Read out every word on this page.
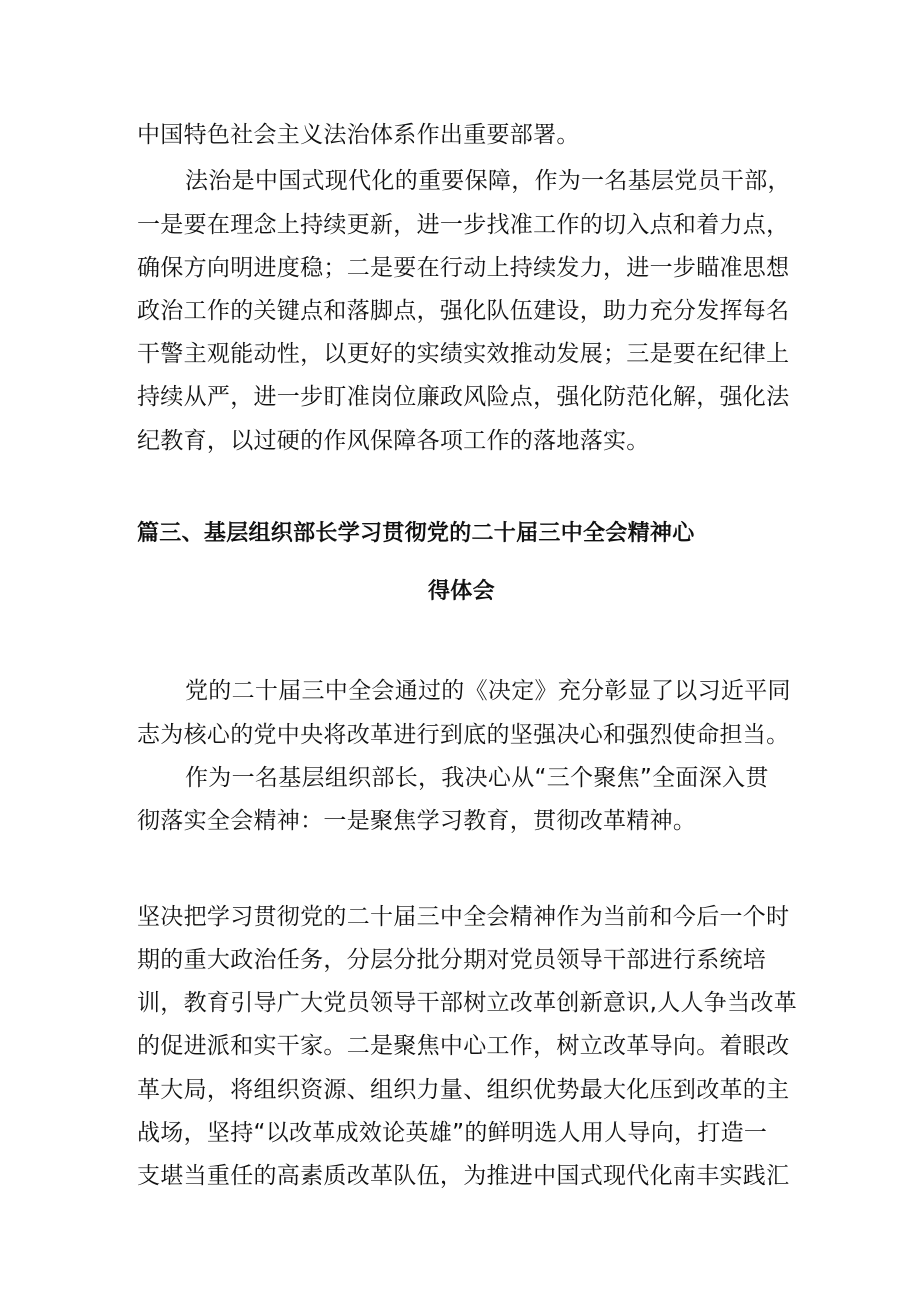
中国特色社会主义法治体系作出重要部署。
法治是中国式现代化的重要保障，作为一名基层党员干部，
一是要在理念上持续更新，进一步找准工作的切入点和着力点，
确保方向明进度稳；二是要在行动上持续发力，进一步瞄准思想
政治工作的关键点和落脚点，强化队伍建设，助力充分发挥每名
干警主观能动性，以更好的实绩实效推动发展；三是要在纪律上
持续从严，进一步盯准岗位廉政风险点，强化防范化解，强化法
纪教育，以过硬的作风保障各项工作的落地落实。
篇三、基层组织部长学习贯彻党的二十届三中全会精神心
得体会
党的二十届三中全会通过的《决定》充分彰显了以习近平同
志为核心的党中央将改革进行到底的坚强决心和强烈使命担当。
作为一名基层组织部长，我决心从“三个聚焦”全面深入贯
彻落实全会精神：一是聚焦学习教育，贯彻改革精神。
坚决把学习贯彻党的二十届三中全会精神作为当前和今后一个时
期的重大政治任务，分层分批分期对党员领导干部进行系统培
训，教育引导广大党员领导干部树立改革创新意识,人人争当改革
的促进派和实干家。二是聚焦中心工作，树立改革导向。着眼改
革大局，将组织资源、组织力量、组织优势最大化压到改革的主
战场，坚持“以改革成效论英雄”的鲜明选人用人导向，打造一
支堪当重任的高素质改革队伍，为推进中国式现代化南丰实践汇
